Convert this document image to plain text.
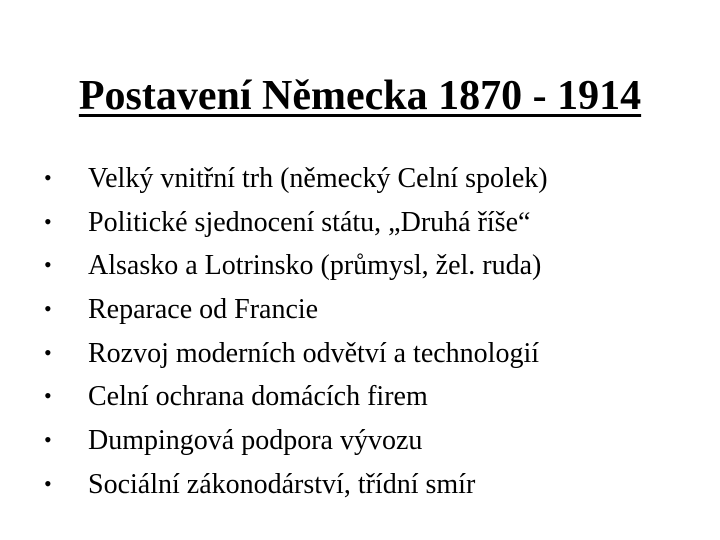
Postavení Německa 1870 - 1914
•	Velký vnitřní trh (německý Celní spolek)
•	Politické sjednocení státu, „Druhá říše“
•	Alsasko a Lotrinsko (průmysl, žel. ruda)
•	Reparace od Francie
•	Rozvoj moderních odvětví a technologií
•	Celní ochrana domácích firem
•	Dumpingová podpora vývozu
•	Sociální zákonodárství, třídní smír
